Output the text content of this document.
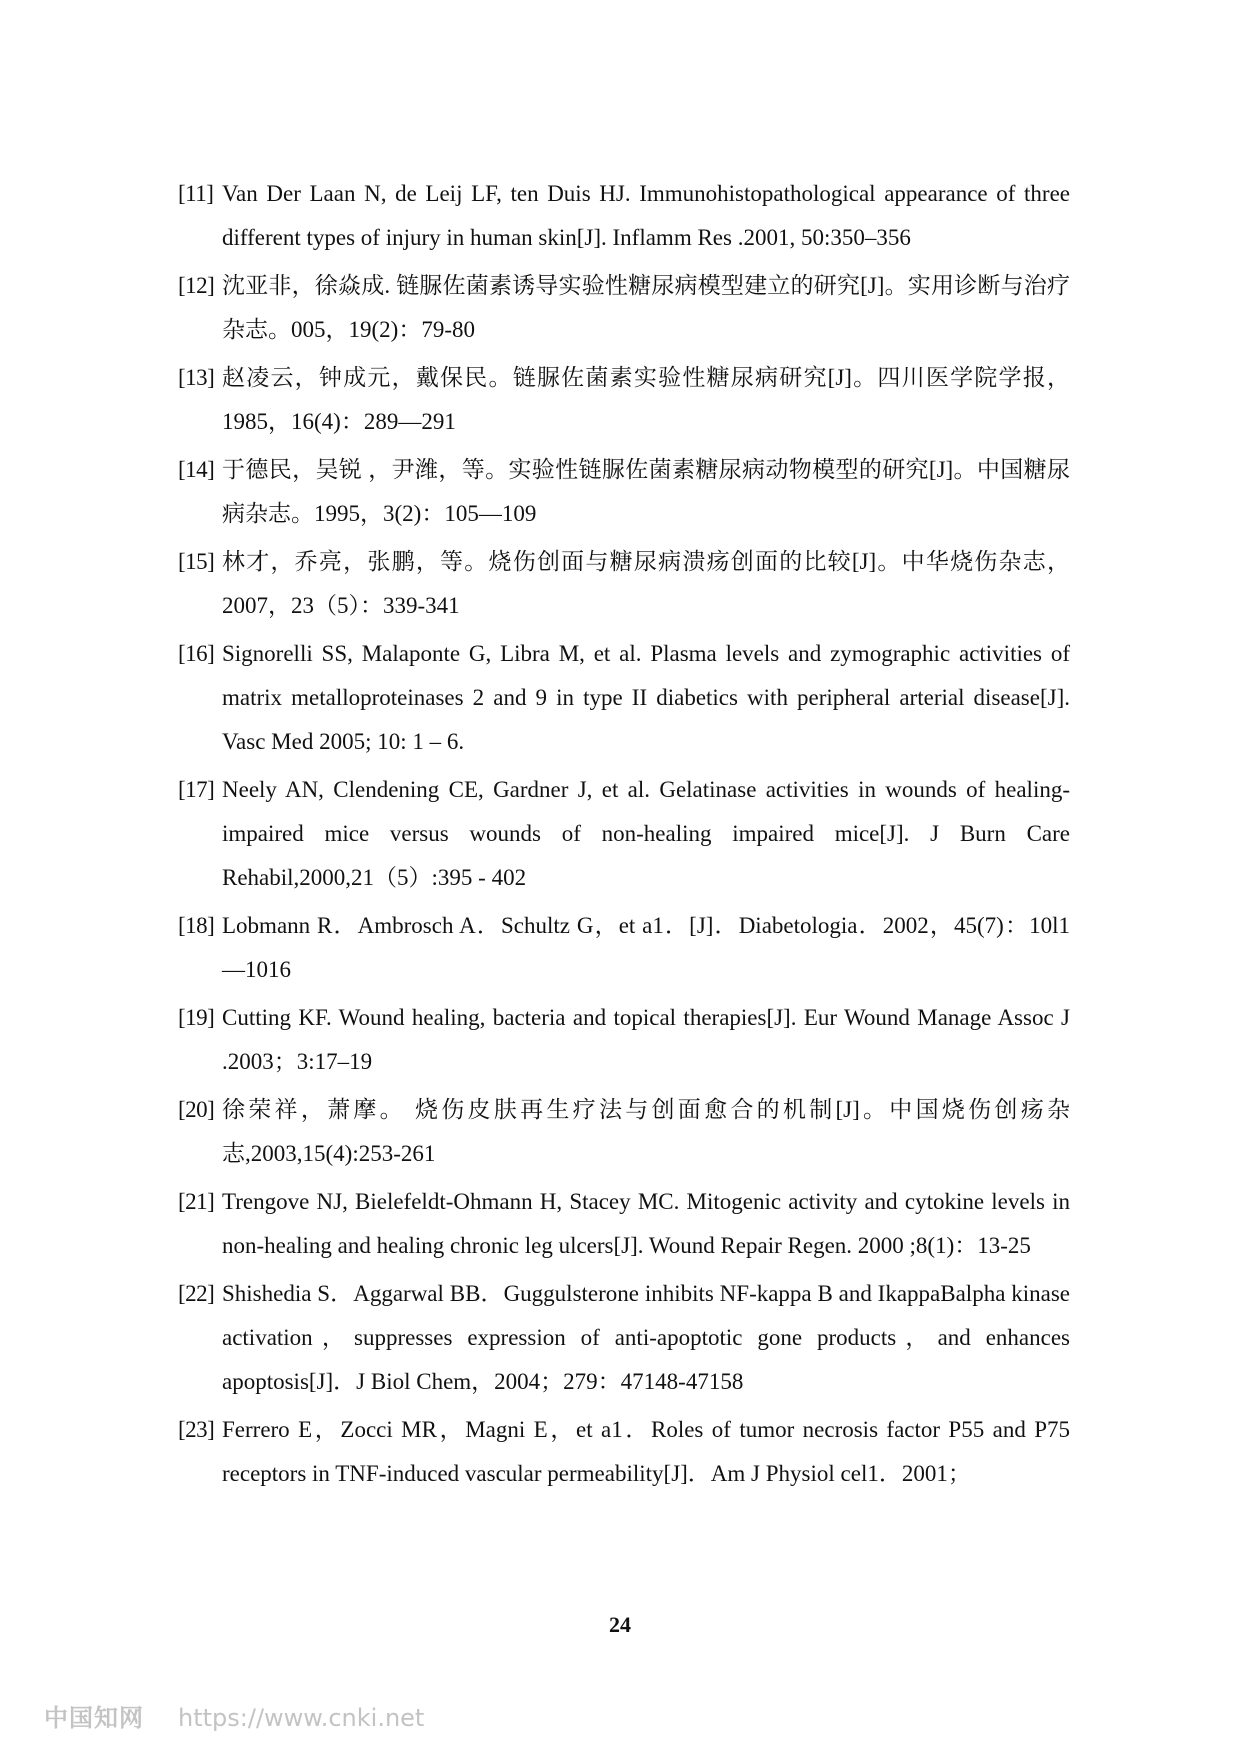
[11] Van Der Laan N, de Leij LF, ten Duis HJ. Immunohistopathological appearance of three different types of injury in human skin[J]. Inflamm Res .2001, 50:350–356
[12] 沈亚非，徐焱成. 链脲佐菌素诱导实验性糖尿病模型建立的研究[J]。实用诊断与治疗杂志。005，19(2)：79-80
[13] 赵凌云，钟成元，戴保民。链脲佐菌素实验性糖尿病研究[J]。四川医学院学报，1985，16(4)：289—291
[14] 于德民，吴锐 ，尹潍，等。实验性链脲佐菌素糖尿病动物模型的研究[J]。中国糖尿病杂志。1995，3(2)：105—109
[15] 林才，乔亮，张鹏，等。烧伤创面与糖尿病溃疡创面的比较[J]。中华烧伤杂志，2007，23（5）：339-341
[16] Signorelli SS, Malaponte G, Libra M, et al. Plasma levels and zymographic activities of matrix metalloproteinases 2 and 9 in type II diabetics with peripheral arterial disease[J]. Vasc Med 2005; 10: 1 – 6.
[17] Neely AN, Clendening CE, Gardner J, et al. Gelatinase activities in wounds of healing-impaired mice versus wounds of non-healing impaired mice[J]. J Burn Care Rehabil,2000,21（5）:395 - 402
[18] Lobmann R．Ambrosch A．Schultz G，et a1．[J]．Diabetologia．2002，45(7)：10l1—1016
[19] Cutting KF. Wound healing, bacteria and topical therapies[J]. Eur Wound Manage Assoc J .2003；3:17–19
[20] 徐荣祥，萧摩。 烧伤皮肤再生疗法与创面愈合的机制[J]。中国烧伤创疡杂志,2003,15(4):253-261
[21] Trengove NJ, Bielefeldt-Ohmann H, Stacey MC. Mitogenic activity and cytokine levels in non-healing and healing chronic leg ulcers[J]. Wound Repair Regen. 2000 ;8(1)：13-25
[22] Shishedia S．Aggarwal BB．Guggulsterone inhibits NF-kappa B and IkappaBalpha kinase activation，suppresses expression of anti-apoptotic gone products，and enhances apoptosis[J]．J Biol Chem，2004；279：47148-47158
[23] Ferrero E，Zocci MR，Magni E，et a1．Roles of tumor necrosis factor P55 and P75 receptors in TNF-induced vascular permeability[J]．Am J Physiol cel1．2001；
24
中国知网 https://www.cnki.net
